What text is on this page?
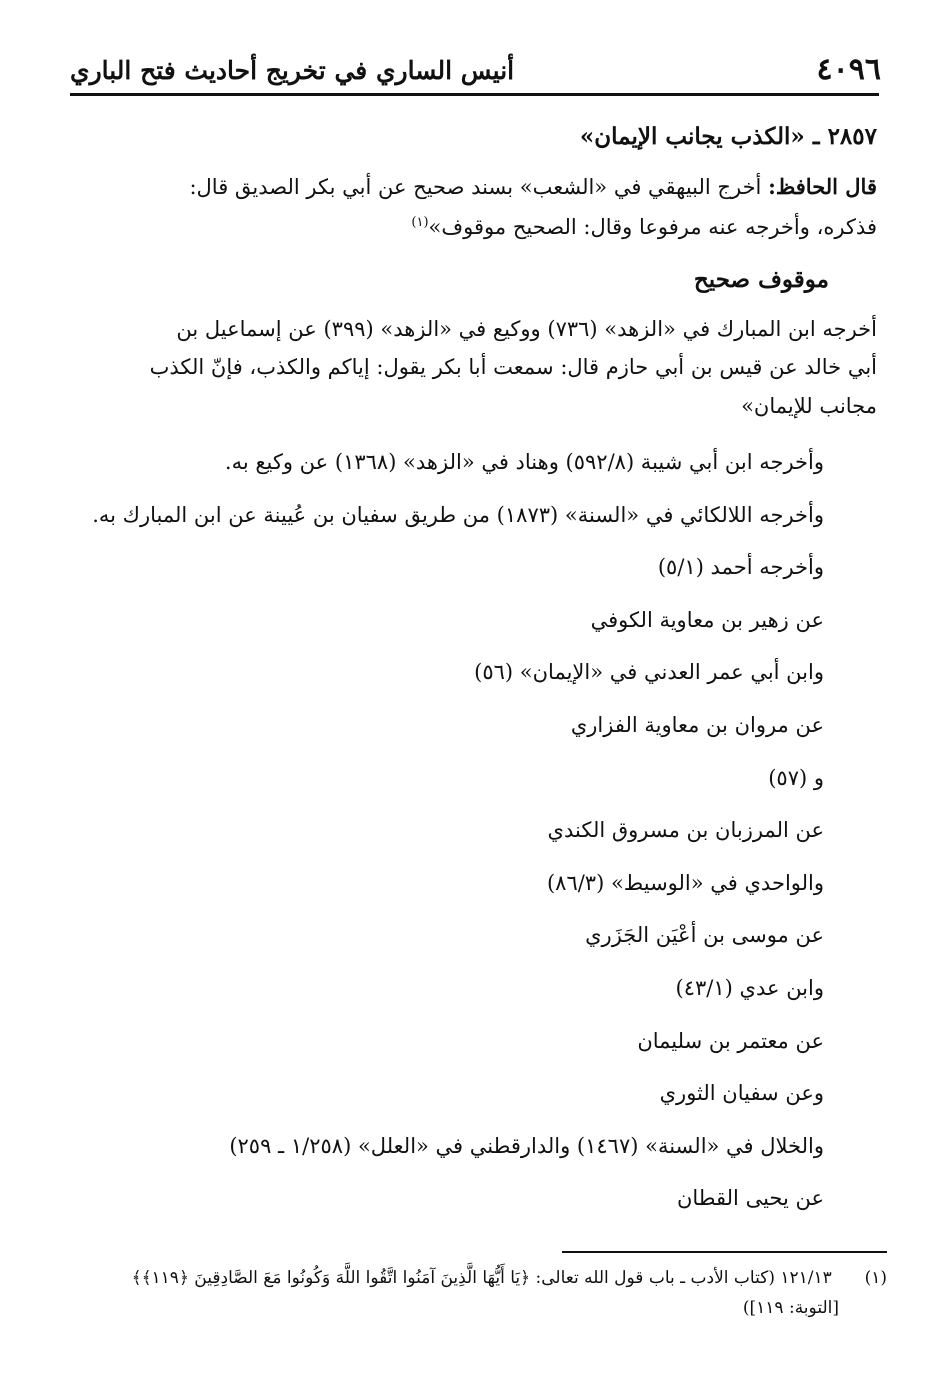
٤٠٩٦
أنيس الساري في تخريج أحاديث فتح الباري
٢٨٥٧ ـ «الكذب يجانب الإيمان»
قال الحافظ: أخرج البيهقي في «الشعب» بسند صحيح عن أبي بكر الصديق قال:
فذكره، وأخرجه عنه مرفوعا وقال: الصحيح موقوف»$^{(١)}$
موقوف صحيح
أخرجه ابن المبارك في «الزهد» (٧٣٦) ووكيع في «الزهد» (٣٩٩) عن إسماعيل بن
أبي خالد عن قيس بن أبي حازم قال: سمعت أبا بكر يقول: إياكم والكذب، فإنّ الكذب
مجانب للإيمان»
وأخرجه ابن أبي شيبة (٥٩٢/٨) وهناد في «الزهد» (١٣٦٨) عن وكيع به.
وأخرجه اللالكائي في «السنة» (١٨٧٣) من طريق سفيان بن عُيينة عن ابن المبارك به.
وأخرجه أحمد (٥/١)
عن زهير بن معاوية الكوفي
وابن أبي عمر العدني في «الإيمان» (٥٦)
عن مروان بن معاوية الفزاري
و (٥٧)
عن المرزبان بن مسروق الكندي
والواحدي في «الوسيط» (٨٦/٣)
عن موسى بن أعْيَن الجَزَري
وابن عدي (٤٣/١)
عن معتمر بن سليمان
وعن سفيان الثوري
والخلال في «السنة» (١٤٦٧) والدارقطني في «العلل» (١/٢٥٨ ـ ٢٥٩)
عن يحيى القطان
(١)  ١٢١/١٣ (كتاب الأدب ـ باب قول الله تعالى: ﴿يَا أَيُّهَا الَّذِينَ آمَنُوا اتَّقُوا اللَّهَ وَكُونُوا مَعَ الصَّادِقِينَ ﴿١١٩﴾﴾
[التوبة: ١١٩])
